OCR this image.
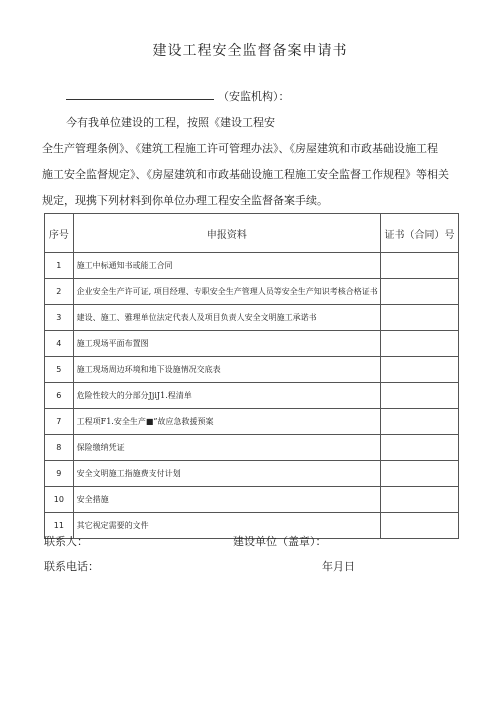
建设工程安全监督备案申请书
（安监机构）：
今有我单位建设的工程，按照《建设工程安
全生产管理条例》、《建筑工程施工许可管理办法》、《房屋建筑和市政基础设施工程
施工安全监督规定》、《房屋建筑和市政基础设施工程施工安全监督工作规程》等相关
规定，现携下列材料到你单位办理工程安全监督备案手续。
序号	申报资料	证书（合同）号
1	施工中标通知书或能工合同	
2	企业安全生产许可证, 项目经理、专职安全生产管理人员等安全生产知识考核合格证书	
3	建设、施工、雅理单位法定代表人及项目负责人安全文明施工承诺书	
4	施工现场平面布置图	
5	施工现场周边环境和地下设施情况交底表	
6	危险性较大的分部分JjiJ1.程清单	
7	工程项F1.安全生产■”故应急救援预案	
8	保险缴纳凭证	
9	安全文明施工指施费支付计划	
10	安全措施	
11	其它视定需要的文件	
联系人：	建设单位（盖章）：
联系电话：	年月日
